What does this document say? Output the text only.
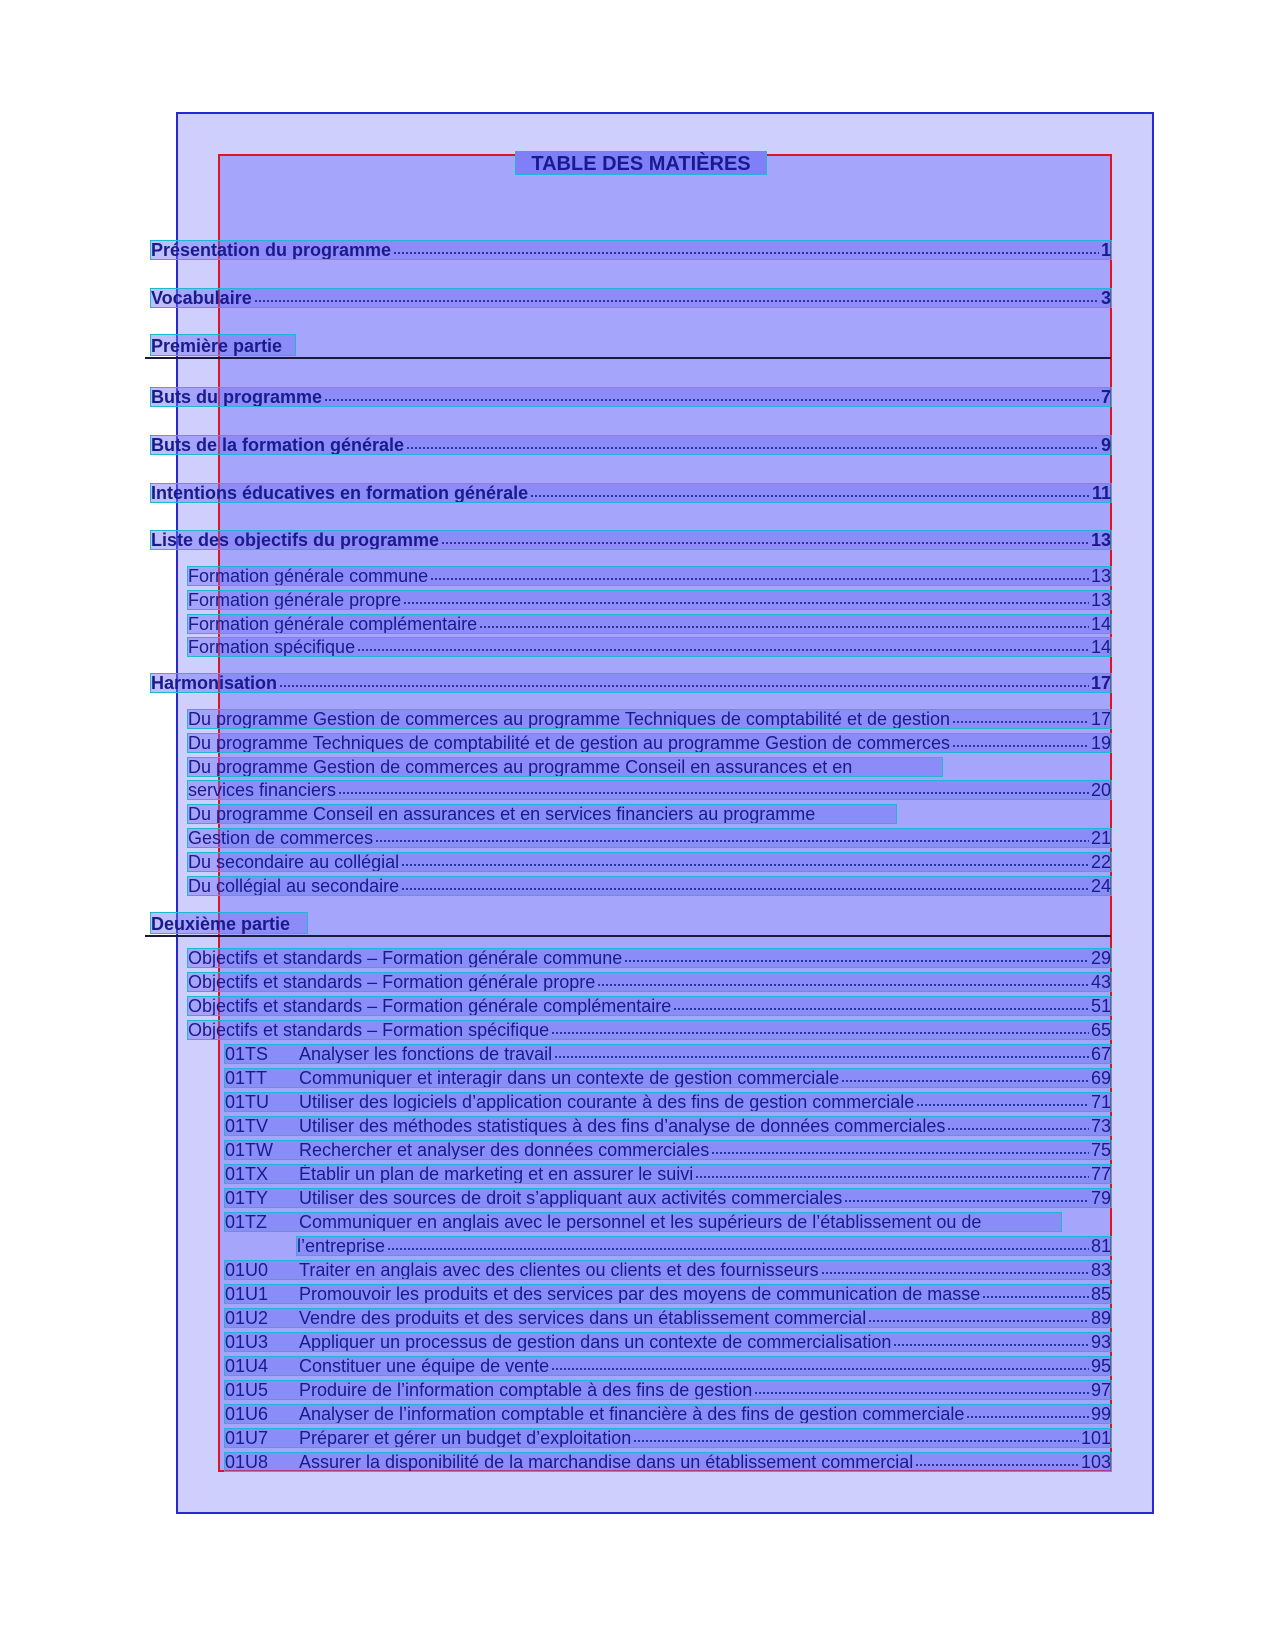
TABLE DES MATIÈRES
Présentation du programme	1
Vocabulaire	3
Première partie
Buts du programme	7
Buts de la formation générale	9
Intentions éducatives en formation générale	11
Liste des objectifs du programme	13
Formation générale commune	13
Formation générale propre	13
Formation générale complémentaire	14
Formation spécifique	14
Harmonisation	17
Du programme Gestion de commerces au programme Techniques de comptabilité et de gestion	17
Du programme Techniques de comptabilité et de gestion au programme Gestion de commerces	19
Du programme Gestion de commerces au programme Conseil en assurances et en
services financiers	20
Du programme Conseil en assurances et en services financiers au programme
Gestion de commerces	21
Du secondaire au collégial	22
Du collégial au secondaire	24
Deuxième partie
Objectifs et standards – Formation générale commune	29
Objectifs et standards – Formation générale propre	43
Objectifs et standards – Formation générale complémentaire	51
Objectifs et standards – Formation spécifique	65
01TS	Analyser les fonctions de travail	67
01TT	Communiquer et interagir dans un contexte de gestion commerciale	69
01TU	Utiliser des logiciels d’application courante à des fins de gestion commerciale	71
01TV	Utiliser des méthodes statistiques à des fins d’analyse de données commerciales	73
01TW	Rechercher et analyser des données commerciales	75
01TX	Établir un plan de marketing et en assurer le suivi	77
01TY	Utiliser des sources de droit s’appliquant aux activités commerciales	79
01TZ	Communiquer en anglais avec le personnel et les supérieurs de l’établissement ou de
l’entreprise	81
01U0	Traiter en anglais avec des clientes ou clients et des fournisseurs	83
01U1	Promouvoir les produits et des services par des moyens de communication de masse	85
01U2	Vendre des produits et des services dans un établissement commercial	89
01U3	Appliquer un processus de gestion dans un contexte de commercialisation	93
01U4	Constituer une équipe de vente	95
01U5	Produire de l’information comptable à des fins de gestion	97
01U6	Analyser de l’information comptable et financière à des fins de gestion commerciale	99
01U7	Préparer et gérer un budget d’exploitation	101
01U8	Assurer la disponibilité de la marchandise dans un établissement commercial	103
